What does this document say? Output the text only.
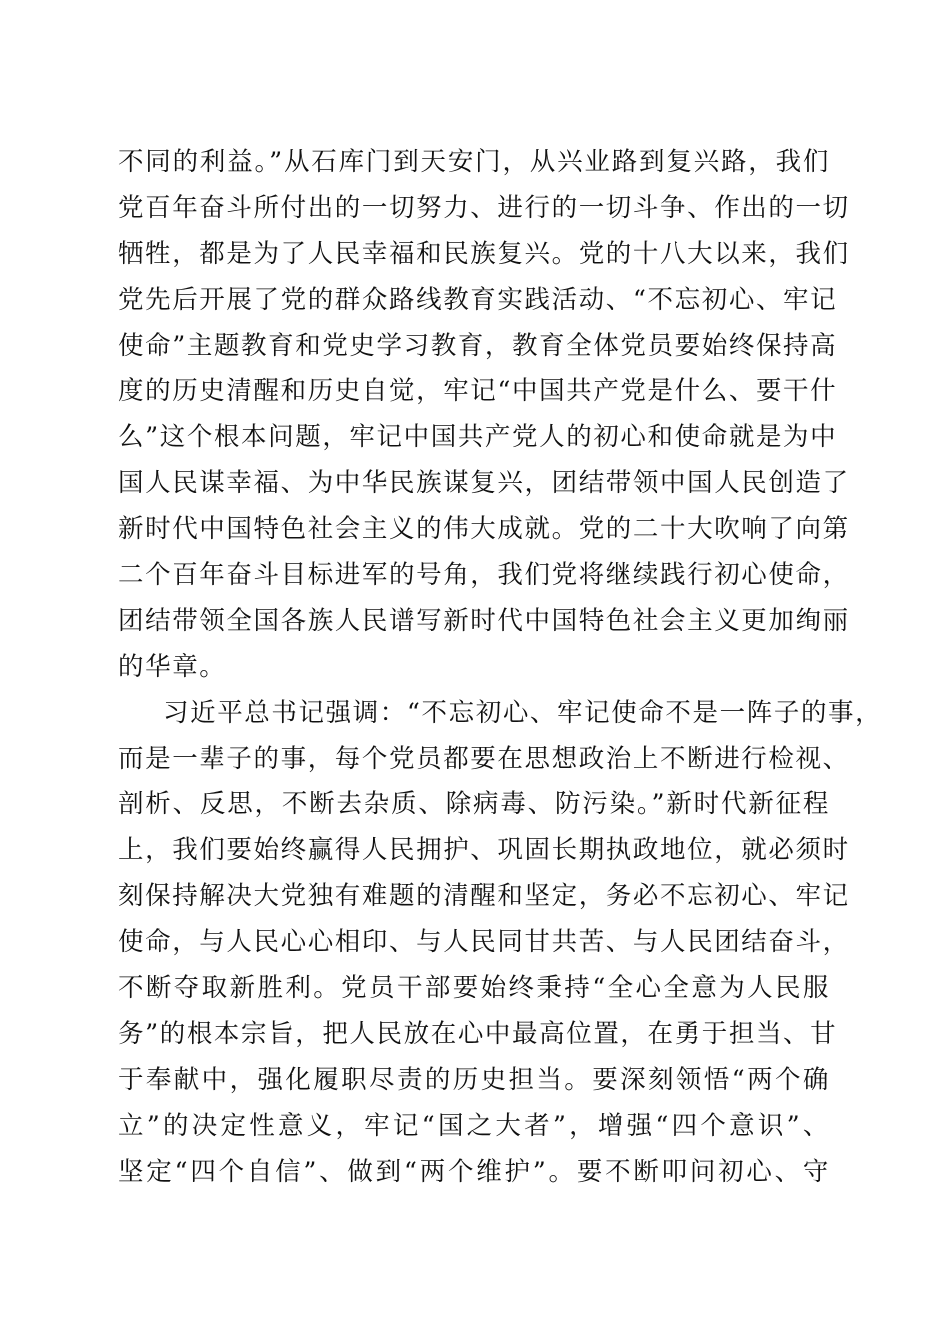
不同的利益。”从石库门到天安门，从兴业路到复兴路，我们
党百年奋斗所付出的一切努力、进行的一切斗争、作出的一切
牺牲，都是为了人民幸福和民族复兴。党的十八大以来，我们
党先后开展了党的群众路线教育实践活动、“不忘初心、牢记
使命”主题教育和党史学习教育，教育全体党员要始终保持高
度的历史清醒和历史自觉，牢记“中国共产党是什么、要干什
么”这个根本问题，牢记中国共产党人的初心和使命就是为中
国人民谋幸福、为中华民族谋复兴，团结带领中国人民创造了
新时代中国特色社会主义的伟大成就。党的二十大吹响了向第
二个百年奋斗目标进军的号角，我们党将继续践行初心使命，
团结带领全国各族人民谱写新时代中国特色社会主义更加绚丽
的华章。
习近平总书记强调：“不忘初心、牢记使命不是一阵子的事，
而是一辈子的事，每个党员都要在思想政治上不断进行检视、
剖析、反思，不断去杂质、除病毒、防污染。”新时代新征程
上，我们要始终赢得人民拥护、巩固长期执政地位，就必须时
刻保持解决大党独有难题的清醒和坚定，务必不忘初心、牢记
使命，与人民心心相印、与人民同甘共苦、与人民团结奋斗，
不断夺取新胜利。党员干部要始终秉持“全心全意为人民服
务”的根本宗旨，把人民放在心中最高位置，在勇于担当、甘
于奉献中，强化履职尽责的历史担当。要深刻领悟“两个确
立”的决定性意义，牢记“国之大者”，增强“四个意识”、
坚定“四个自信”、做到“两个维护”。要不断叩问初心、守
